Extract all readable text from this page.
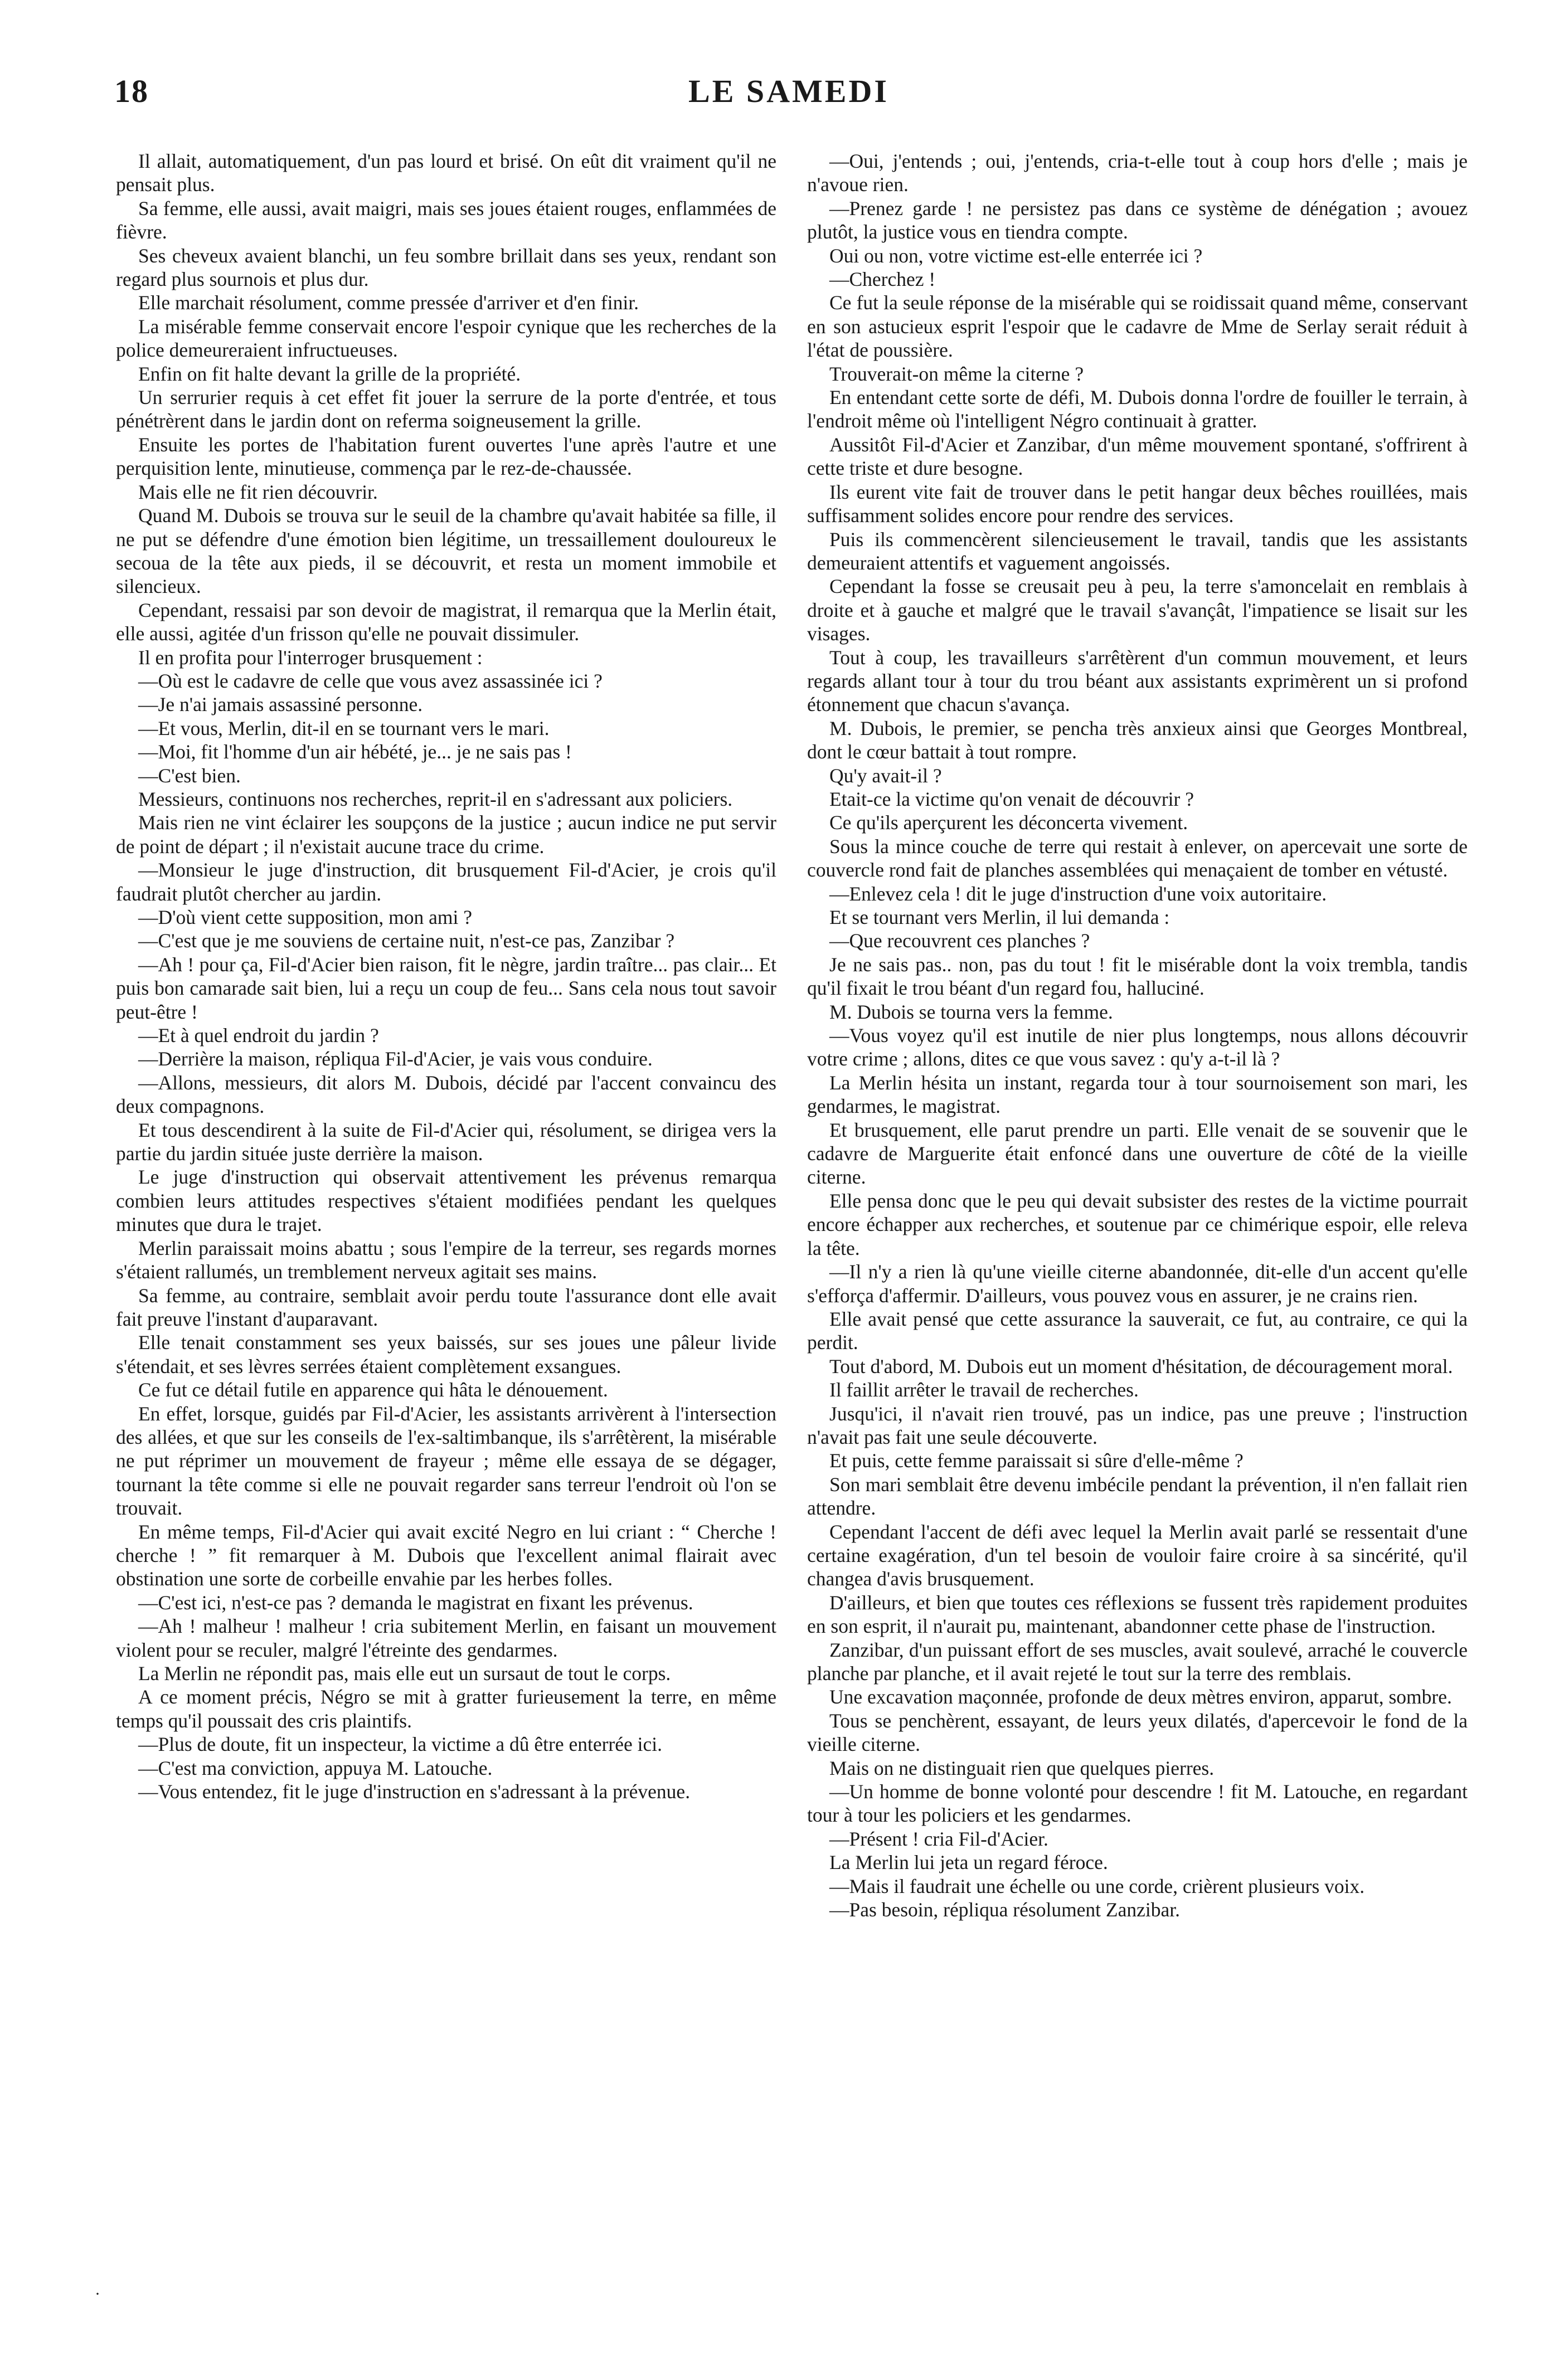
18	LE SAMEDI

Il allait, automatiquement, d'un pas lourd et brisé. On eût dit vraiment qu'il ne pensait plus.

Sa femme, elle aussi, avait maigri, mais ses joues étaient rouges, enflammées de fièvre.

Ses cheveux avaient blanchi, un feu sombre brillait dans ses yeux, rendant son regard plus sournois et plus dur.

Elle marchait résolument, comme pressée d'arriver et d'en finir.

La misérable femme conservait encore l'espoir cynique que les recherches de la police demeureraient infructueuses.

Enfin on fit halte devant la grille de la propriété.

Un serrurier requis à cet effet fit jouer la serrure de la porte d'entrée, et tous pénétrèrent dans le jardin dont on referma soigneusement la grille.

Ensuite les portes de l'habitation furent ouvertes l'une après l'autre et une perquisition lente, minutieuse, commença par le rez-de-chaussée.

Mais elle ne fit rien découvrir.

Quand M. Dubois se trouva sur le seuil de la chambre qu'avait habitée sa fille, il ne put se défendre d'une émotion bien légitime, un tressaillement douloureux le secoua de la tête aux pieds, il se découvrit, et resta un moment immobile et silencieux.

Cependant, ressaisi par son devoir de magistrat, il remarqua que la Merlin était, elle aussi, agitée d'un frisson qu'elle ne pouvait dissimuler.

Il en profita pour l'interroger brusquement :

—Où est le cadavre de celle que vous avez assassinée ici ?

—Je n'ai jamais assassiné personne.

—Et vous, Merlin, dit-il en se tournant vers le mari.

—Moi, fit l'homme d'un air hébété, je... je ne sais pas !

—C'est bien.

Messieurs, continuons nos recherches, reprit-il en s'adressant aux policiers.

Mais rien ne vint éclairer les soupçons de la justice ; aucun indice ne put servir de point de départ ; il n'existait aucune trace du crime.

—Monsieur le juge d'instruction, dit brusquement Fil-d'Acier, je crois qu'il faudrait plutôt chercher au jardin.

—D'où vient cette supposition, mon ami ?

—C'est que je me souviens de certaine nuit, n'est-ce pas, Zanzibar ?

—Ah ! pour ça, Fil-d'Acier bien raison, fit le nègre, jardin traître... pas clair... Et puis bon camarade sait bien, lui a reçu un coup de feu... Sans cela nous tout savoir peut-être !

—Et à quel endroit du jardin ?

—Derrière la maison, répliqua Fil-d'Acier, je vais vous conduire.

—Allons, messieurs, dit alors M. Dubois, décidé par l'accent convaincu des deux compagnons.

Et tous descendirent à la suite de Fil-d'Acier qui, résolument, se dirigea vers la partie du jardin située juste derrière la maison.

Le juge d'instruction qui observait attentivement les prévenus remarqua combien leurs attitudes respectives s'étaient modifiées pendant les quelques minutes que dura le trajet.

Merlin paraissait moins abattu ; sous l'empire de la terreur, ses regards mornes s'étaient rallumés, un tremblement nerveux agitait ses mains.

Sa femme, au contraire, semblait avoir perdu toute l'assurance dont elle avait fait preuve l'instant d'auparavant.

Elle tenait constamment ses yeux baissés, sur ses joues une pâleur livide s'étendait, et ses lèvres serrées étaient complètement exsangues.

Ce fut ce détail futile en apparence qui hâta le dénouement.

En effet, lorsque, guidés par Fil-d'Acier, les assistants arrivèrent à l'intersection des allées, et que sur les conseils de l'ex-saltimbanque, ils s'arrêtèrent, la misérable ne put réprimer un mouvement de frayeur ; même elle essaya de se dégager, tournant la tête comme si elle ne pouvait regarder sans terreur l'endroit où l'on se trouvait.

En même temps, Fil-d'Acier qui avait excité Negro en lui criant : “ Cherche ! cherche ! ” fit remarquer à M. Dubois que l'excellent animal flairait avec obstination une sorte de corbeille envahie par les herbes folles.

—C'est ici, n'est-ce pas ? demanda le magistrat en fixant les prévenus.

—Ah ! malheur ! malheur ! cria subitement Merlin, en faisant un mouvement violent pour se reculer, malgré l'étreinte des gendarmes.

La Merlin ne répondit pas, mais elle eut un sursaut de tout le corps.

A ce moment précis, Négro se mit à gratter furieusement la terre, en même temps qu'il poussait des cris plaintifs.

—Plus de doute, fit un inspecteur, la victime a dû être enterrée ici.

—C'est ma conviction, appuya M. Latouche.

—Vous entendez, fit le juge d'instruction en s'adressant à la prévenue.

—Oui, j'entends ; oui, j'entends, cria-t-elle tout à coup hors d'elle ; mais je n'avoue rien.

—Prenez garde ! ne persistez pas dans ce système de dénégation ; avouez plutôt, la justice vous en tiendra compte.

Oui ou non, votre victime est-elle enterrée ici ?

—Cherchez !

Ce fut la seule réponse de la misérable qui se roidissait quand même, conservant en son astucieux esprit l'espoir que le cadavre de Mme de Serlay serait réduit à l'état de poussière.

Trouverait-on même la citerne ?

En entendant cette sorte de défi, M. Dubois donna l'ordre de fouiller le terrain, à l'endroit même où l'intelligent Négro continuait à gratter.

Aussitôt Fil-d'Acier et Zanzibar, d'un même mouvement spontané, s'offrirent à cette triste et dure besogne.

Ils eurent vite fait de trouver dans le petit hangar deux bêches rouillées, mais suffisamment solides encore pour rendre des services.

Puis ils commencèrent silencieusement le travail, tandis que les assistants demeuraient attentifs et vaguement angoissés.

Cependant la fosse se creusait peu à peu, la terre s'amoncelait en remblais à droite et à gauche et malgré que le travail s'avançât, l'impatience se lisait sur les visages.

Tout à coup, les travailleurs s'arrêtèrent d'un commun mouvement, et leurs regards allant tour à tour du trou béant aux assistants exprimèrent un si profond étonnement que chacun s'avança.

M. Dubois, le premier, se pencha très anxieux ainsi que Georges Montbreal, dont le cœur battait à tout rompre.

Qu'y avait-il ?

Etait-ce la victime qu'on venait de découvrir ?

Ce qu'ils aperçurent les déconcerta vivement.

Sous la mince couche de terre qui restait à enlever, on apercevait une sorte de couvercle rond fait de planches assemblées qui menaçaient de tomber en vétusté.

—Enlevez cela ! dit le juge d'instruction d'une voix autoritaire.

Et se tournant vers Merlin, il lui demanda :

—Que recouvrent ces planches ?

Je ne sais pas.. non, pas du tout ! fit le misérable dont la voix trembla, tandis qu'il fixait le trou béant d'un regard fou, halluciné.

M. Dubois se tourna vers la femme.

—Vous voyez qu'il est inutile de nier plus longtemps, nous allons découvrir votre crime ; allons, dites ce que vous savez : qu'y a-t-il là ?

La Merlin hésita un instant, regarda tour à tour sournoisement son mari, les gendarmes, le magistrat.

Et brusquement, elle parut prendre un parti. Elle venait de se souvenir que le cadavre de Marguerite était enfoncé dans une ouverture de côté de la vieille citerne.

Elle pensa donc que le peu qui devait subsister des restes de la victime pourrait encore échapper aux recherches, et soutenue par ce chimérique espoir, elle releva la tête.

—Il n'y a rien là qu'une vieille citerne abandonnée, dit-elle d'un accent qu'elle s'efforça d'affermir. D'ailleurs, vous pouvez vous en assurer, je ne crains rien.

Elle avait pensé que cette assurance la sauverait, ce fut, au contraire, ce qui la perdit.

Tout d'abord, M. Dubois eut un moment d'hésitation, de découragement moral.

Il faillit arrêter le travail de recherches.

Jusqu'ici, il n'avait rien trouvé, pas un indice, pas une preuve ; l'instruction n'avait pas fait une seule découverte.

Et puis, cette femme paraissait si sûre d'elle-même ?

Son mari semblait être devenu imbécile pendant la prévention, il n'en fallait rien attendre.

Cependant l'accent de défi avec lequel la Merlin avait parlé se ressentait d'une certaine exagération, d'un tel besoin de vouloir faire croire à sa sincérité, qu'il changea d'avis brusquement.

D'ailleurs, et bien que toutes ces réflexions se fussent très rapidement produites en son esprit, il n'aurait pu, maintenant, abandonner cette phase de l'instruction.

Zanzibar, d'un puissant effort de ses muscles, avait soulevé, arraché le couvercle planche par planche, et il avait rejeté le tout sur la terre des remblais.

Une excavation maçonnée, profonde de deux mètres environ, apparut, sombre.

Tous se penchèrent, essayant, de leurs yeux dilatés, d'apercevoir le fond de la vieille citerne.

Mais on ne distinguait rien que quelques pierres.

—Un homme de bonne volonté pour descendre ! fit M. Latouche, en regardant tour à tour les policiers et les gendarmes.

—Présent ! cria Fil-d'Acier.

La Merlin lui jeta un regard féroce.

—Mais il faudrait une échelle ou une corde, crièrent plusieurs voix.

—Pas besoin, répliqua résolument Zanzibar.

·
